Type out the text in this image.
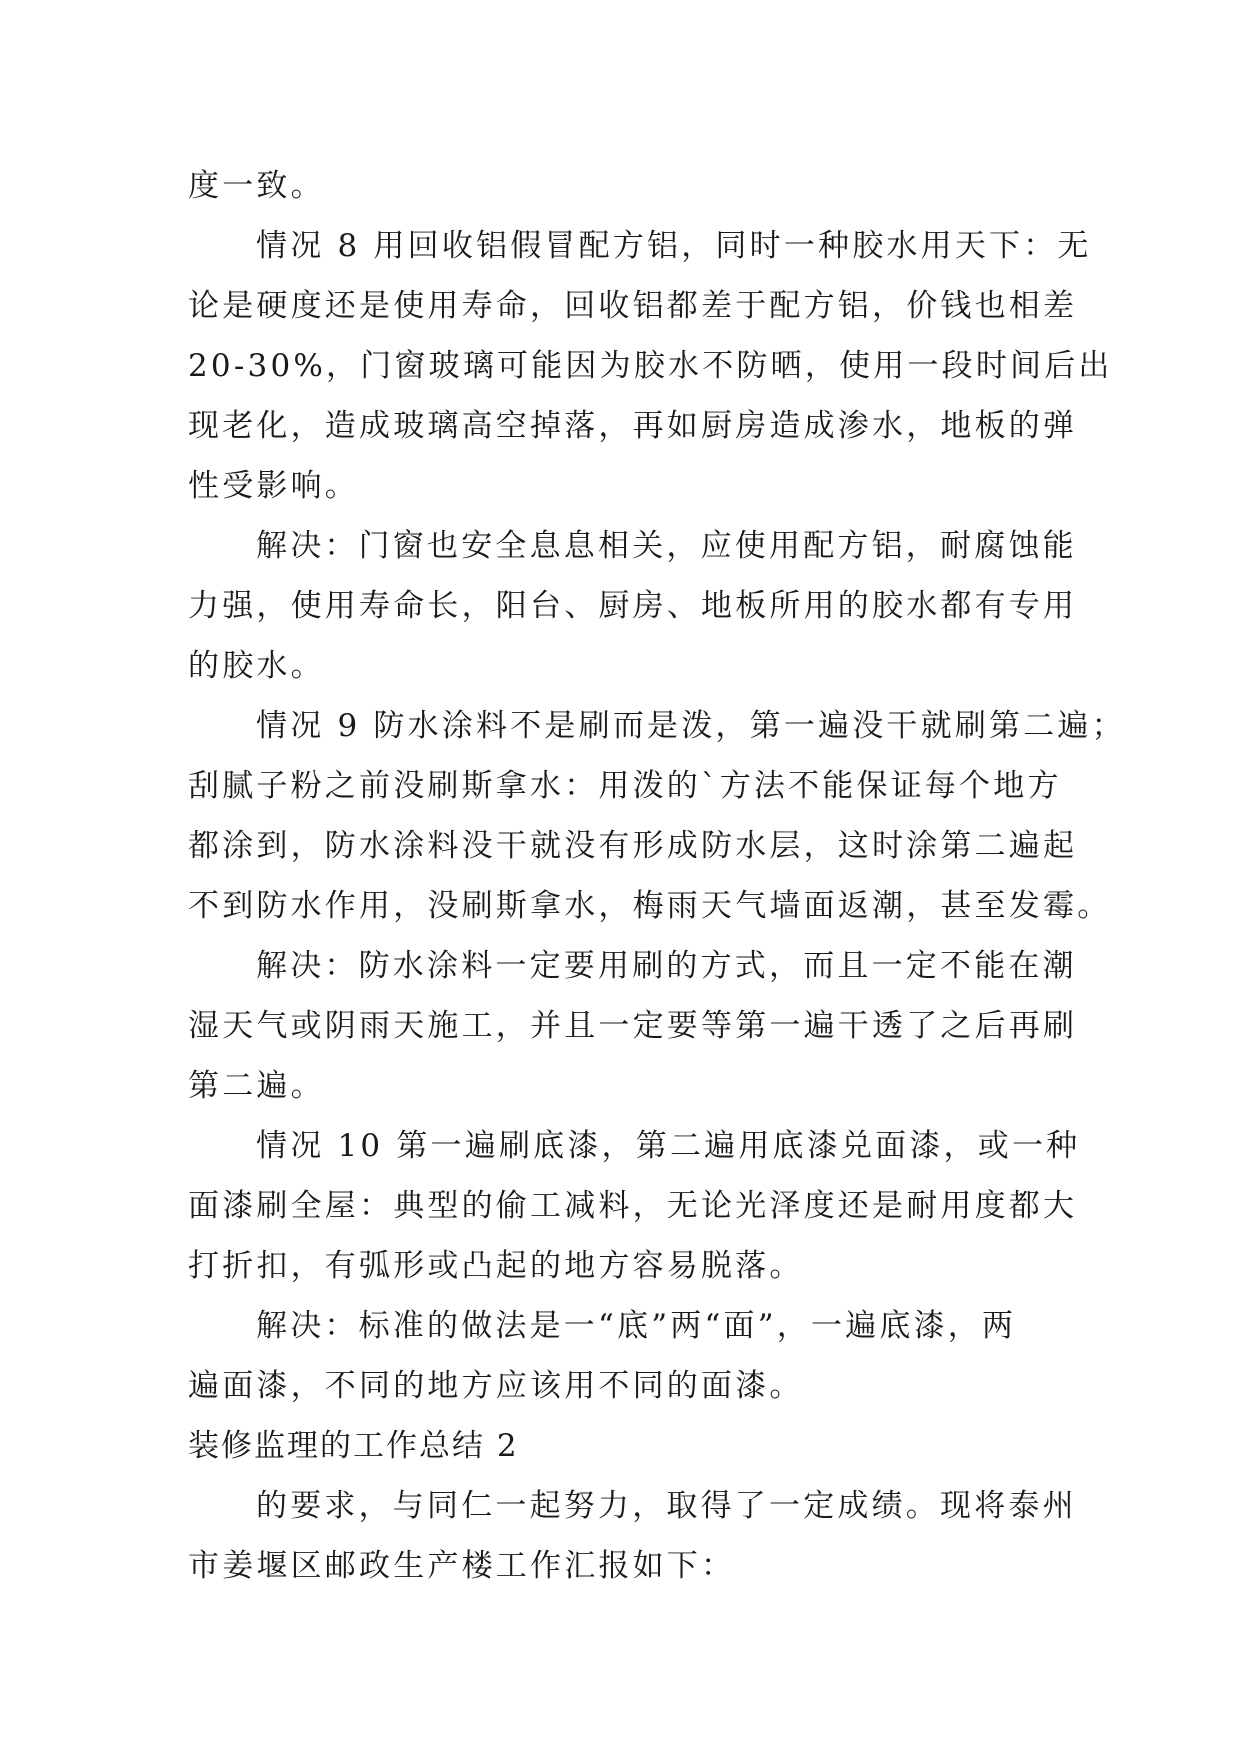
度一致。
情况 8 用回收铝假冒配方铝，同时一种胶水用天下：无
论是硬度还是使用寿命，回收铝都差于配方铝，价钱也相差
20-30%，门窗玻璃可能因为胶水不防晒，使用一段时间后出
现老化，造成玻璃高空掉落，再如厨房造成渗水，地板的弹
性受影响。
解决：门窗也安全息息相关，应使用配方铝，耐腐蚀能
力强，使用寿命长，阳台、厨房、地板所用的胶水都有专用
的胶水。
情况 9 防水涂料不是刷而是泼，第一遍没干就刷第二遍；
刮腻子粉之前没刷斯拿水：用泼的`方法不能保证每个地方
都涂到，防水涂料没干就没有形成防水层，这时涂第二遍起
不到防水作用，没刷斯拿水，梅雨天气墙面返潮，甚至发霉。
解决：防水涂料一定要用刷的方式，而且一定不能在潮
湿天气或阴雨天施工，并且一定要等第一遍干透了之后再刷
第二遍。
情况 10 第一遍刷底漆，第二遍用底漆兑面漆，或一种
面漆刷全屋：典型的偷工减料，无论光泽度还是耐用度都大
打折扣，有弧形或凸起的地方容易脱落。
解决：标准的做法是一“底”两“面”，一遍底漆，两
遍面漆，不同的地方应该用不同的面漆。
装修监理的工作总结 2
的要求，与同仁一起努力，取得了一定成绩。现将泰州
市姜堰区邮政生产楼工作汇报如下：
